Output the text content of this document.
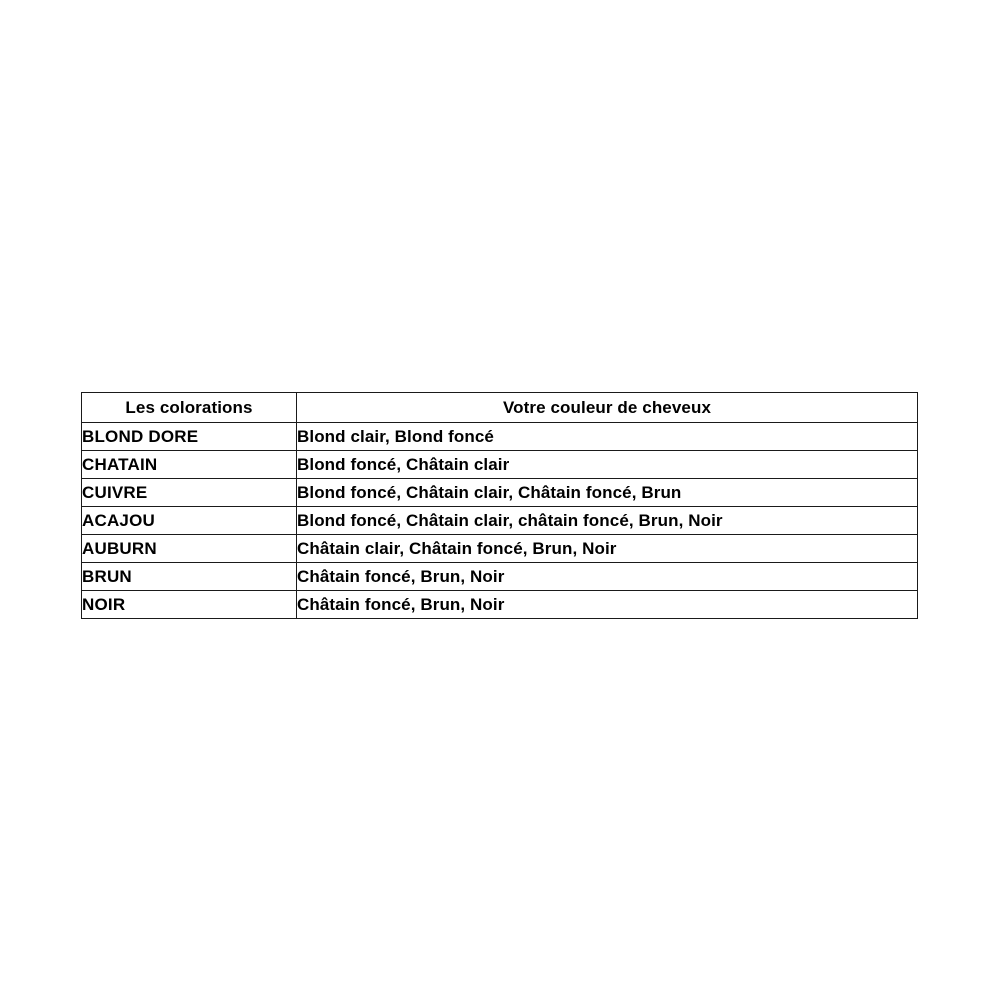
Les colorations	Votre couleur de cheveux
BLOND DORE	Blond clair, Blond foncé
CHATAIN	Blond foncé, Châtain clair
CUIVRE	Blond foncé, Châtain clair, Châtain foncé, Brun
ACAJOU	Blond foncé, Châtain clair, châtain foncé, Brun, Noir
AUBURN	Châtain clair, Châtain foncé, Brun, Noir
BRUN	Châtain foncé, Brun, Noir
NOIR	Châtain foncé, Brun, Noir
